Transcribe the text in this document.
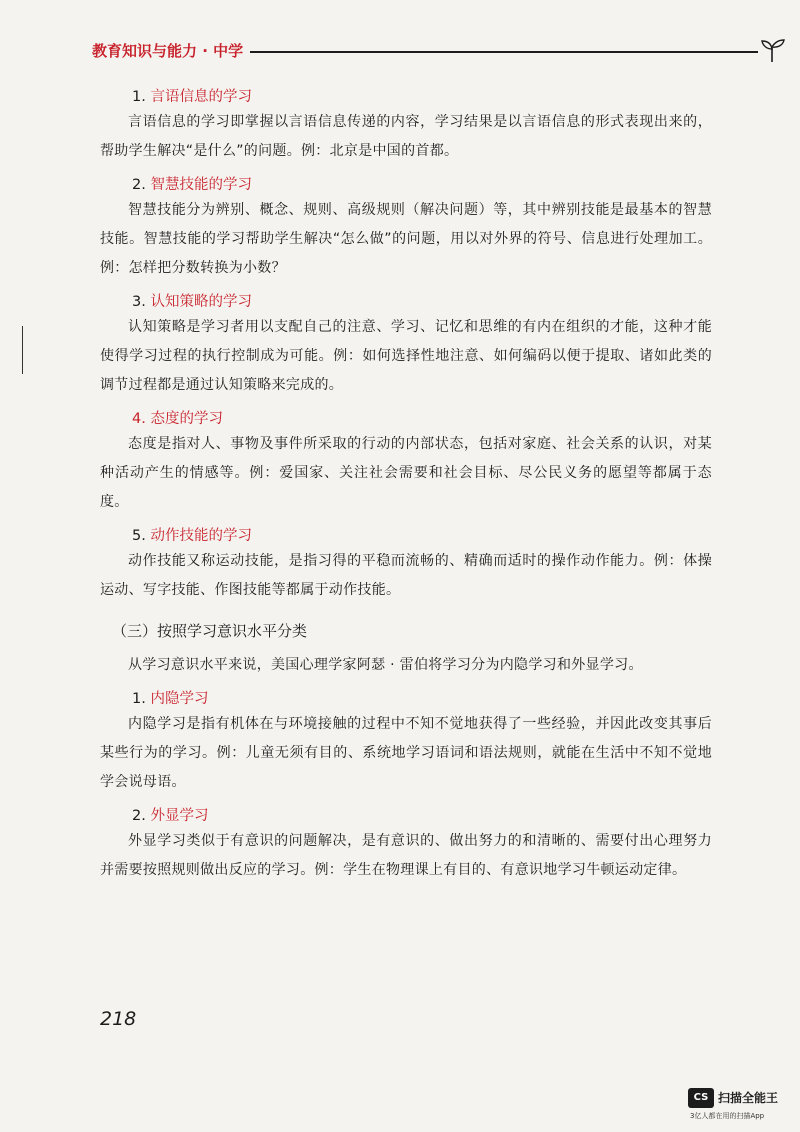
教育知识与能力 · 中学

1. 言语信息的学习

言语信息的学习即掌握以言语信息传递的内容，学习结果是以言语信息的形式表现出来的，帮助学生解决“是什么”的问题。例：北京是中国的首都。

2. 智慧技能的学习

智慧技能分为辨别、概念、规则、高级规则（解决问题）等，其中辨别技能是最基本的智慧技能。智慧技能的学习帮助学生解决“怎么做”的问题，用以对外界的符号、信息进行处理加工。例：怎样把分数转换为小数？

3. 认知策略的学习

认知策略是学习者用以支配自己的注意、学习、记忆和思维的有内在组织的才能，这种才能使得学习过程的执行控制成为可能。例：如何选择性地注意、如何编码以便于提取、诸如此类的调节过程都是通过认知策略来完成的。

4. 态度的学习

态度是指对人、事物及事件所采取的行动的内部状态，包括对家庭、社会关系的认识，对某种活动产生的情感等。例：爱国家、关注社会需要和社会目标、尽公民义务的愿望等都属于态度。

5. 动作技能的学习

动作技能又称运动技能，是指习得的平稳而流畅的、精确而适时的操作动作能力。例：体操运动、写字技能、作图技能等都属于动作技能。

（三）按照学习意识水平分类

从学习意识水平来说，美国心理学家阿瑟 · 雷伯将学习分为内隐学习和外显学习。

1. 内隐学习

内隐学习是指有机体在与环境接触的过程中不知不觉地获得了一些经验，并因此改变其事后某些行为的学习。例：儿童无须有目的、系统地学习语词和语法规则，就能在生活中不知不觉地学会说母语。

2. 外显学习

外显学习类似于有意识的问题解决，是有意识的、做出努力的和清晰的、需要付出心理努力并需要按照规则做出反应的学习。例：学生在物理课上有目的、有意识地学习牛顿运动定律。

218
CS 扫描全能王
3亿人都在用的扫描App
